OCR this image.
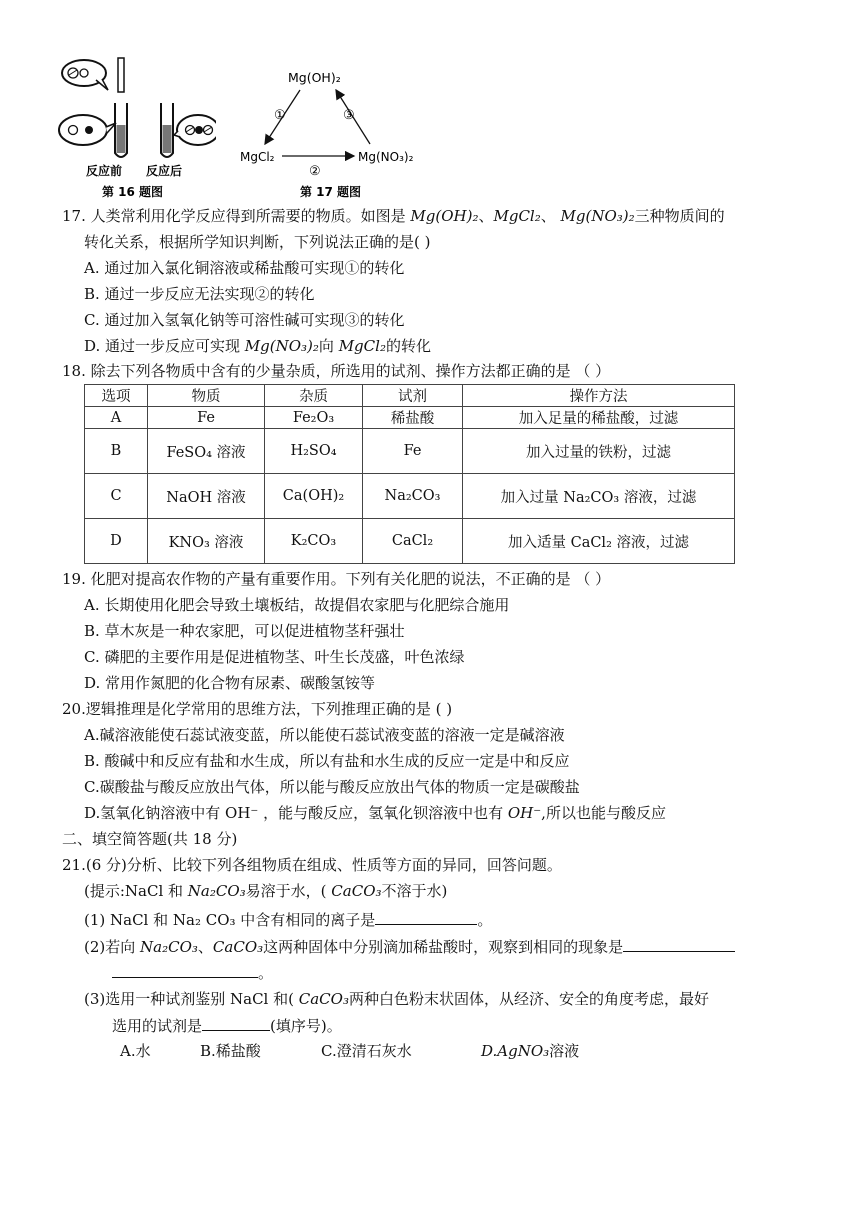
反应前 反应后
第 16 题图
Mg(OH)₂
MgCl₂	Mg(NO₃)₂
①
②
③
第 17 题图
17. 人类常利用化学反应得到所需要的物质。如图是 Mg(OH)₂、MgCl₂、 Mg(NO₃)₂三种物质间的
转化关系，根据所学知识判断，下列说法正确的是( )
A. 通过加入氯化铜溶液或稀盐酸可实现①的转化
B. 通过一步反应无法实现②的转化
C. 通过加入氢氧化钠等可溶性碱可实现③的转化
D. 通过一步反应可实现 Mg(NO₃)₂向 MgCl₂的转化
18. 除去下列各物质中含有的少量杂质，所选用的试剂、操作方法都正确的是 （ ）
选项	物质	杂质	试剂	操作方法
A	Fe	Fe₂O₃	稀盐酸	加入足量的稀盐酸，过滤
B	FeSO₄ 溶液	H₂SO₄	Fe	加入过量的铁粉，过滤
C	NaOH 溶液	Ca(OH)₂	Na₂CO₃	加入过量 Na₂CO₃ 溶液，过滤
D	KNO₃ 溶液	K₂CO₃	CaCl₂	加入适量 CaCl₂ 溶液，过滤
19. 化肥对提高农作物的产量有重要作用。下列有关化肥的说法，不正确的是 （ ）
A. 长期使用化肥会导致土壤板结，故提倡农家肥与化肥综合施用
B. 草木灰是一种农家肥，可以促进植物茎秆强壮
C. 磷肥的主要作用是促进植物茎、叶生长茂盛，叶色浓绿
D. 常用作氮肥的化合物有尿素、碳酸氢铵等
20.逻辑推理是化学常用的思维方法，下列推理正确的是 ( )
A.碱溶液能使石蕊试液变蓝，所以能使石蕊试液变蓝的溶液一定是碱溶液
B. 酸碱中和反应有盐和水生成，所以有盐和水生成的反应一定是中和反应
C.碳酸盐与酸反应放出气体，所以能与酸反应放出气体的物质一定是碳酸盐
D.氢氧化钠溶液中有 OH⁻ ，能与酸反应，氢氧化钡溶液中也有 OH⁻,所以也能与酸反应
二、填空简答题(共 18 分)
21.(6 分)分析、比较下列各组物质在组成、性质等方面的异同，回答问题。
(提示:NaCl 和 Na₂CO₃易溶于水，( CaCO₃不溶于水)
(1) NaCl 和 Na₂ CO₃ 中含有相同的离子是	。
(2)若向 Na₂CO₃、CaCO₃这两种固体中分别滴加稀盐酸时，观察到相同的现象是
。
(3)选用一种试剂鉴别 NaCl 和( CaCO₃两种白色粉末状固体，从经济、安全的角度考虑，最好
选用的试剂是	(填序号)。
A.水	B.稀盐酸	C.澄清石灰水	D.AgNO₃溶液
